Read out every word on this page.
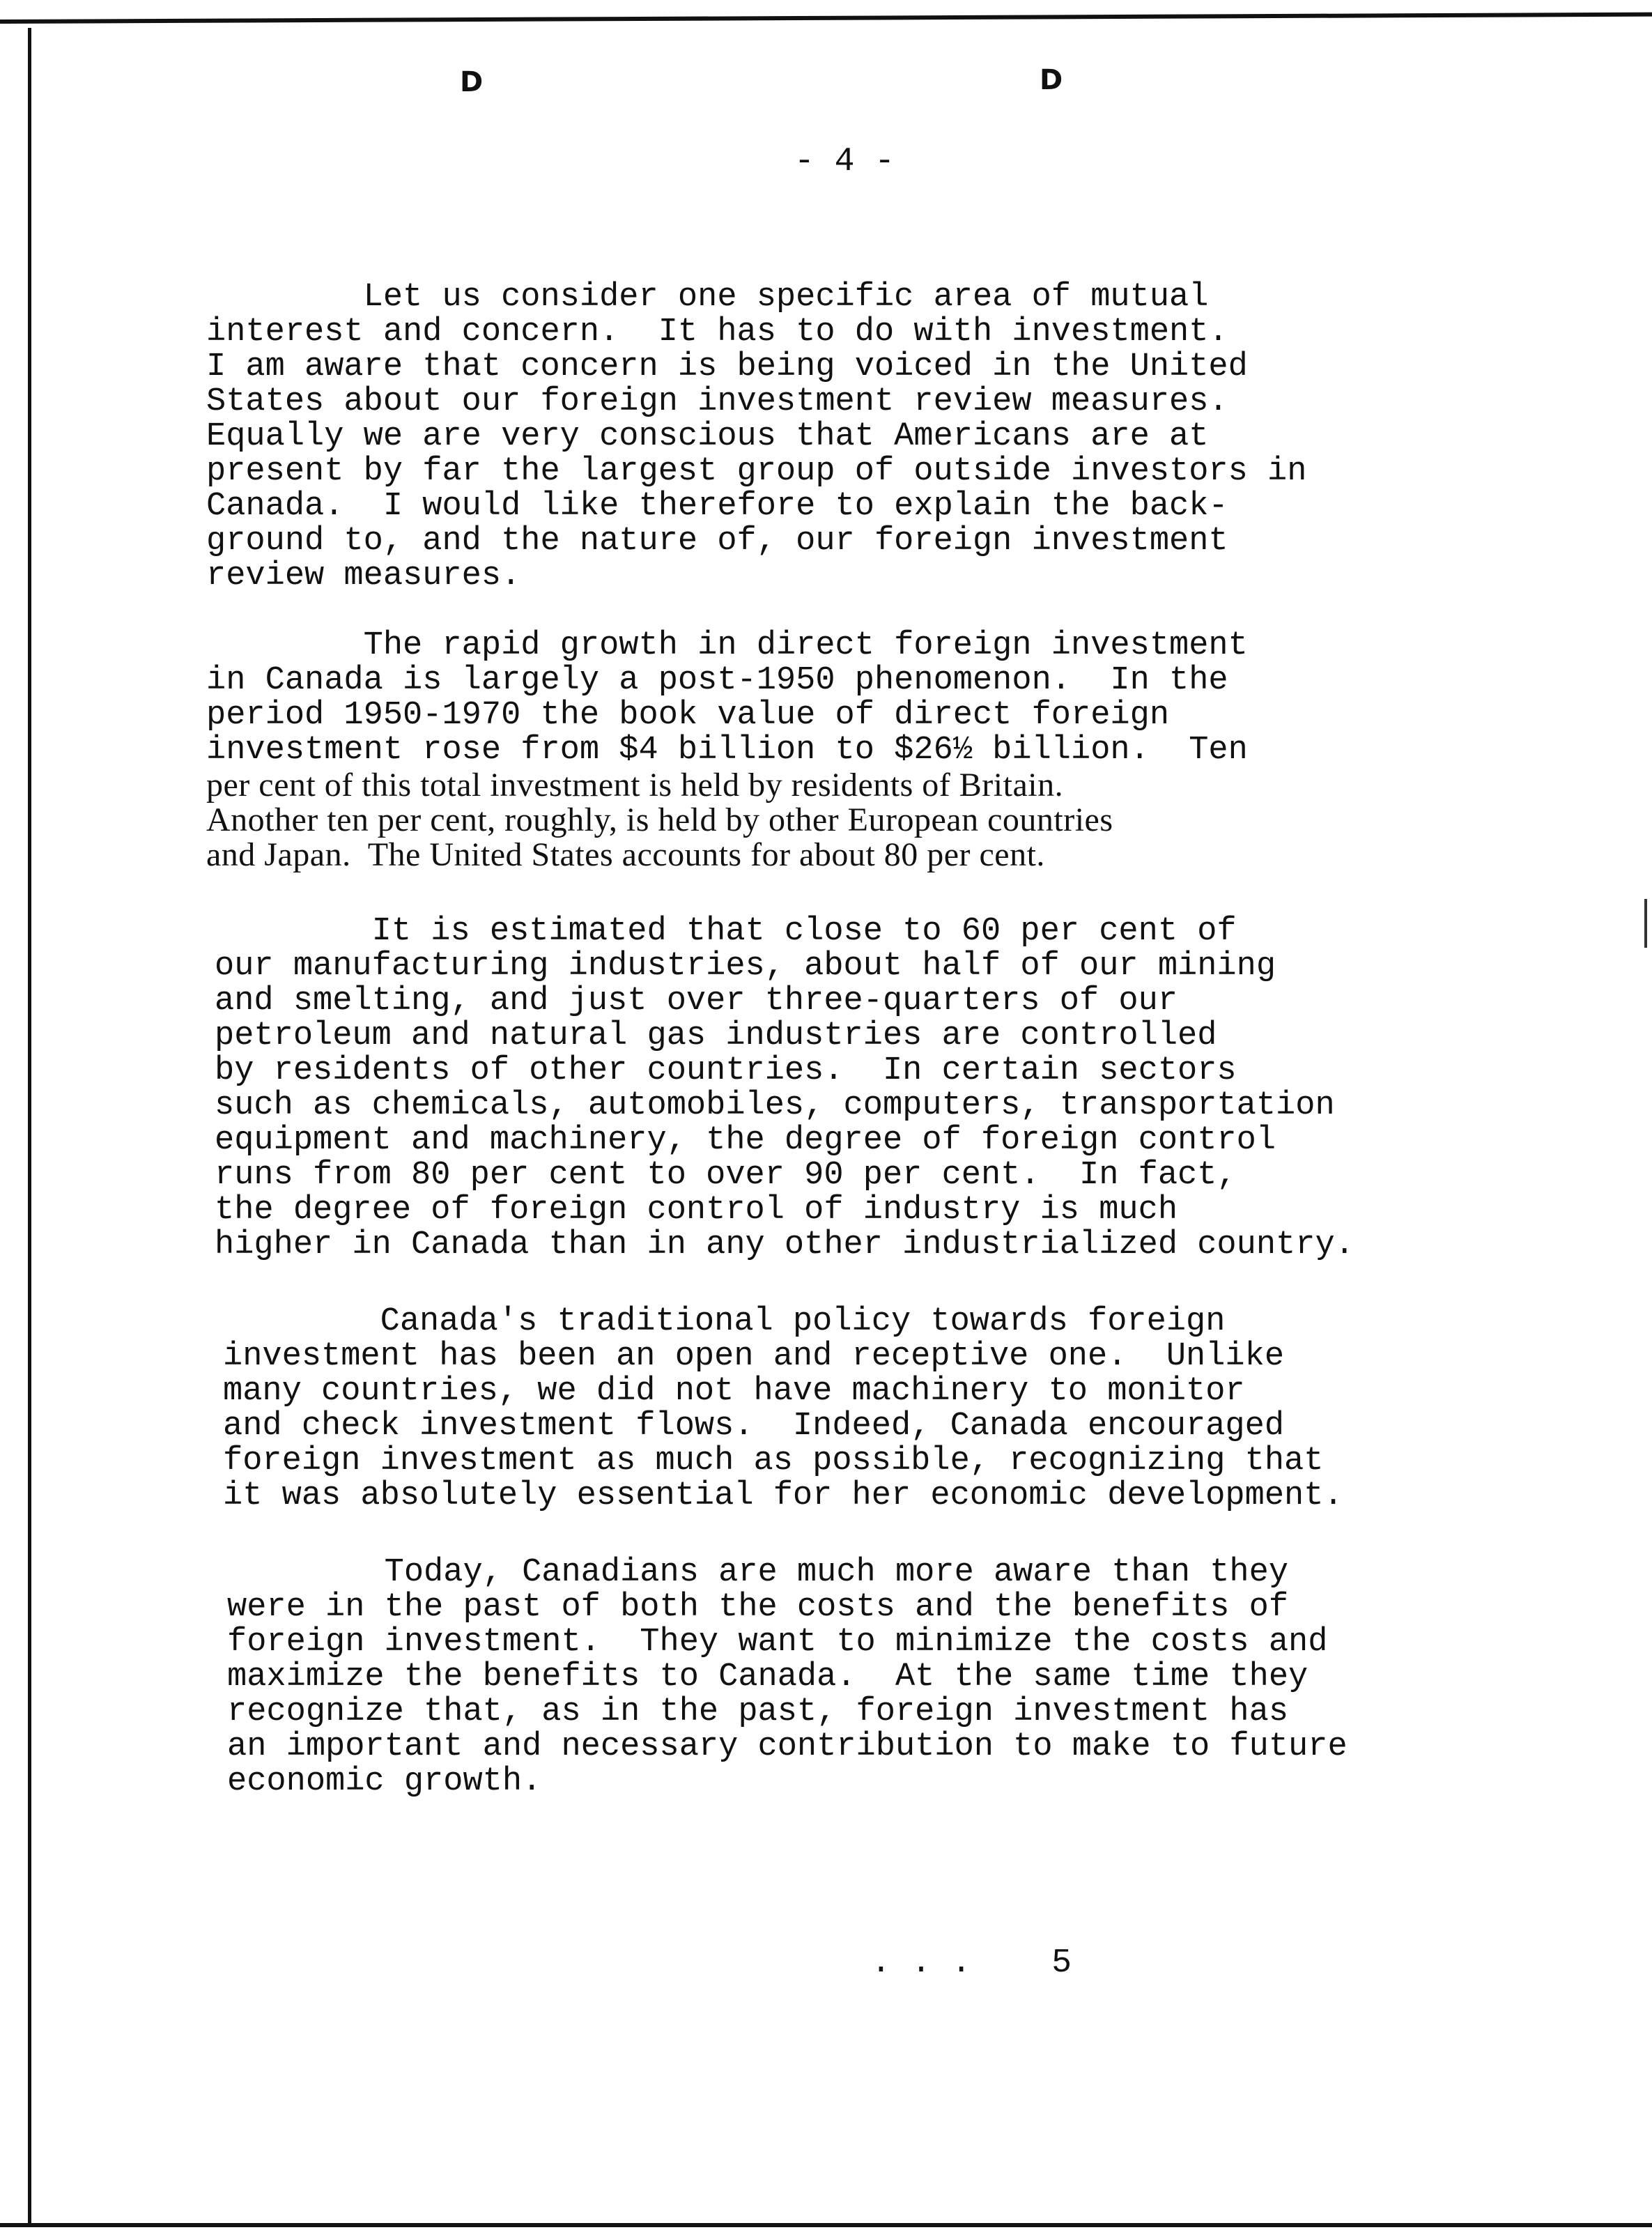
D	D
- 4 -
Let us consider one specific area of mutual
interest and concern.  It has to do with investment.
I am aware that concern is being voiced in the United
States about our foreign investment review measures.
Equally we are very conscious that Americans are at
present by far the largest group of outside investors in
Canada.  I would like therefore to explain the back-
ground to, and the nature of, our foreign investment
review measures.
The rapid growth in direct foreign investment
in Canada is largely a post-1950 phenomenon.  In the
period 1950-1970 the book value of direct foreign
investment rose from $4 billion to $26½ billion.  Ten
per cent of this total investment is held by residents of Britain.
Another ten per cent, roughly, is held by other European countries
and Japan.  The United States accounts for about 80 per cent.
It is estimated that close to 60 per cent of
our manufacturing industries, about half of our mining
and smelting, and just over three-quarters of our
petroleum and natural gas industries are controlled
by residents of other countries.  In certain sectors
such as chemicals, automobiles, computers, transportation
equipment and machinery, the degree of foreign control
runs from 80 per cent to over 90 per cent.  In fact,
the degree of foreign control of industry is much
higher in Canada than in any other industrialized country.
Canada's traditional policy towards foreign
investment has been an open and receptive one.  Unlike
many countries, we did not have machinery to monitor
and check investment flows.  Indeed, Canada encouraged
foreign investment as much as possible, recognizing that
it was absolutely essential for her economic development.
Today, Canadians are much more aware than they
were in the past of both the costs and the benefits of
foreign investment.  They want to minimize the costs and
maximize the benefits to Canada.  At the same time they
recognize that, as in the past, foreign investment has
an important and necessary contribution to make to future
economic growth.
. . .    5
